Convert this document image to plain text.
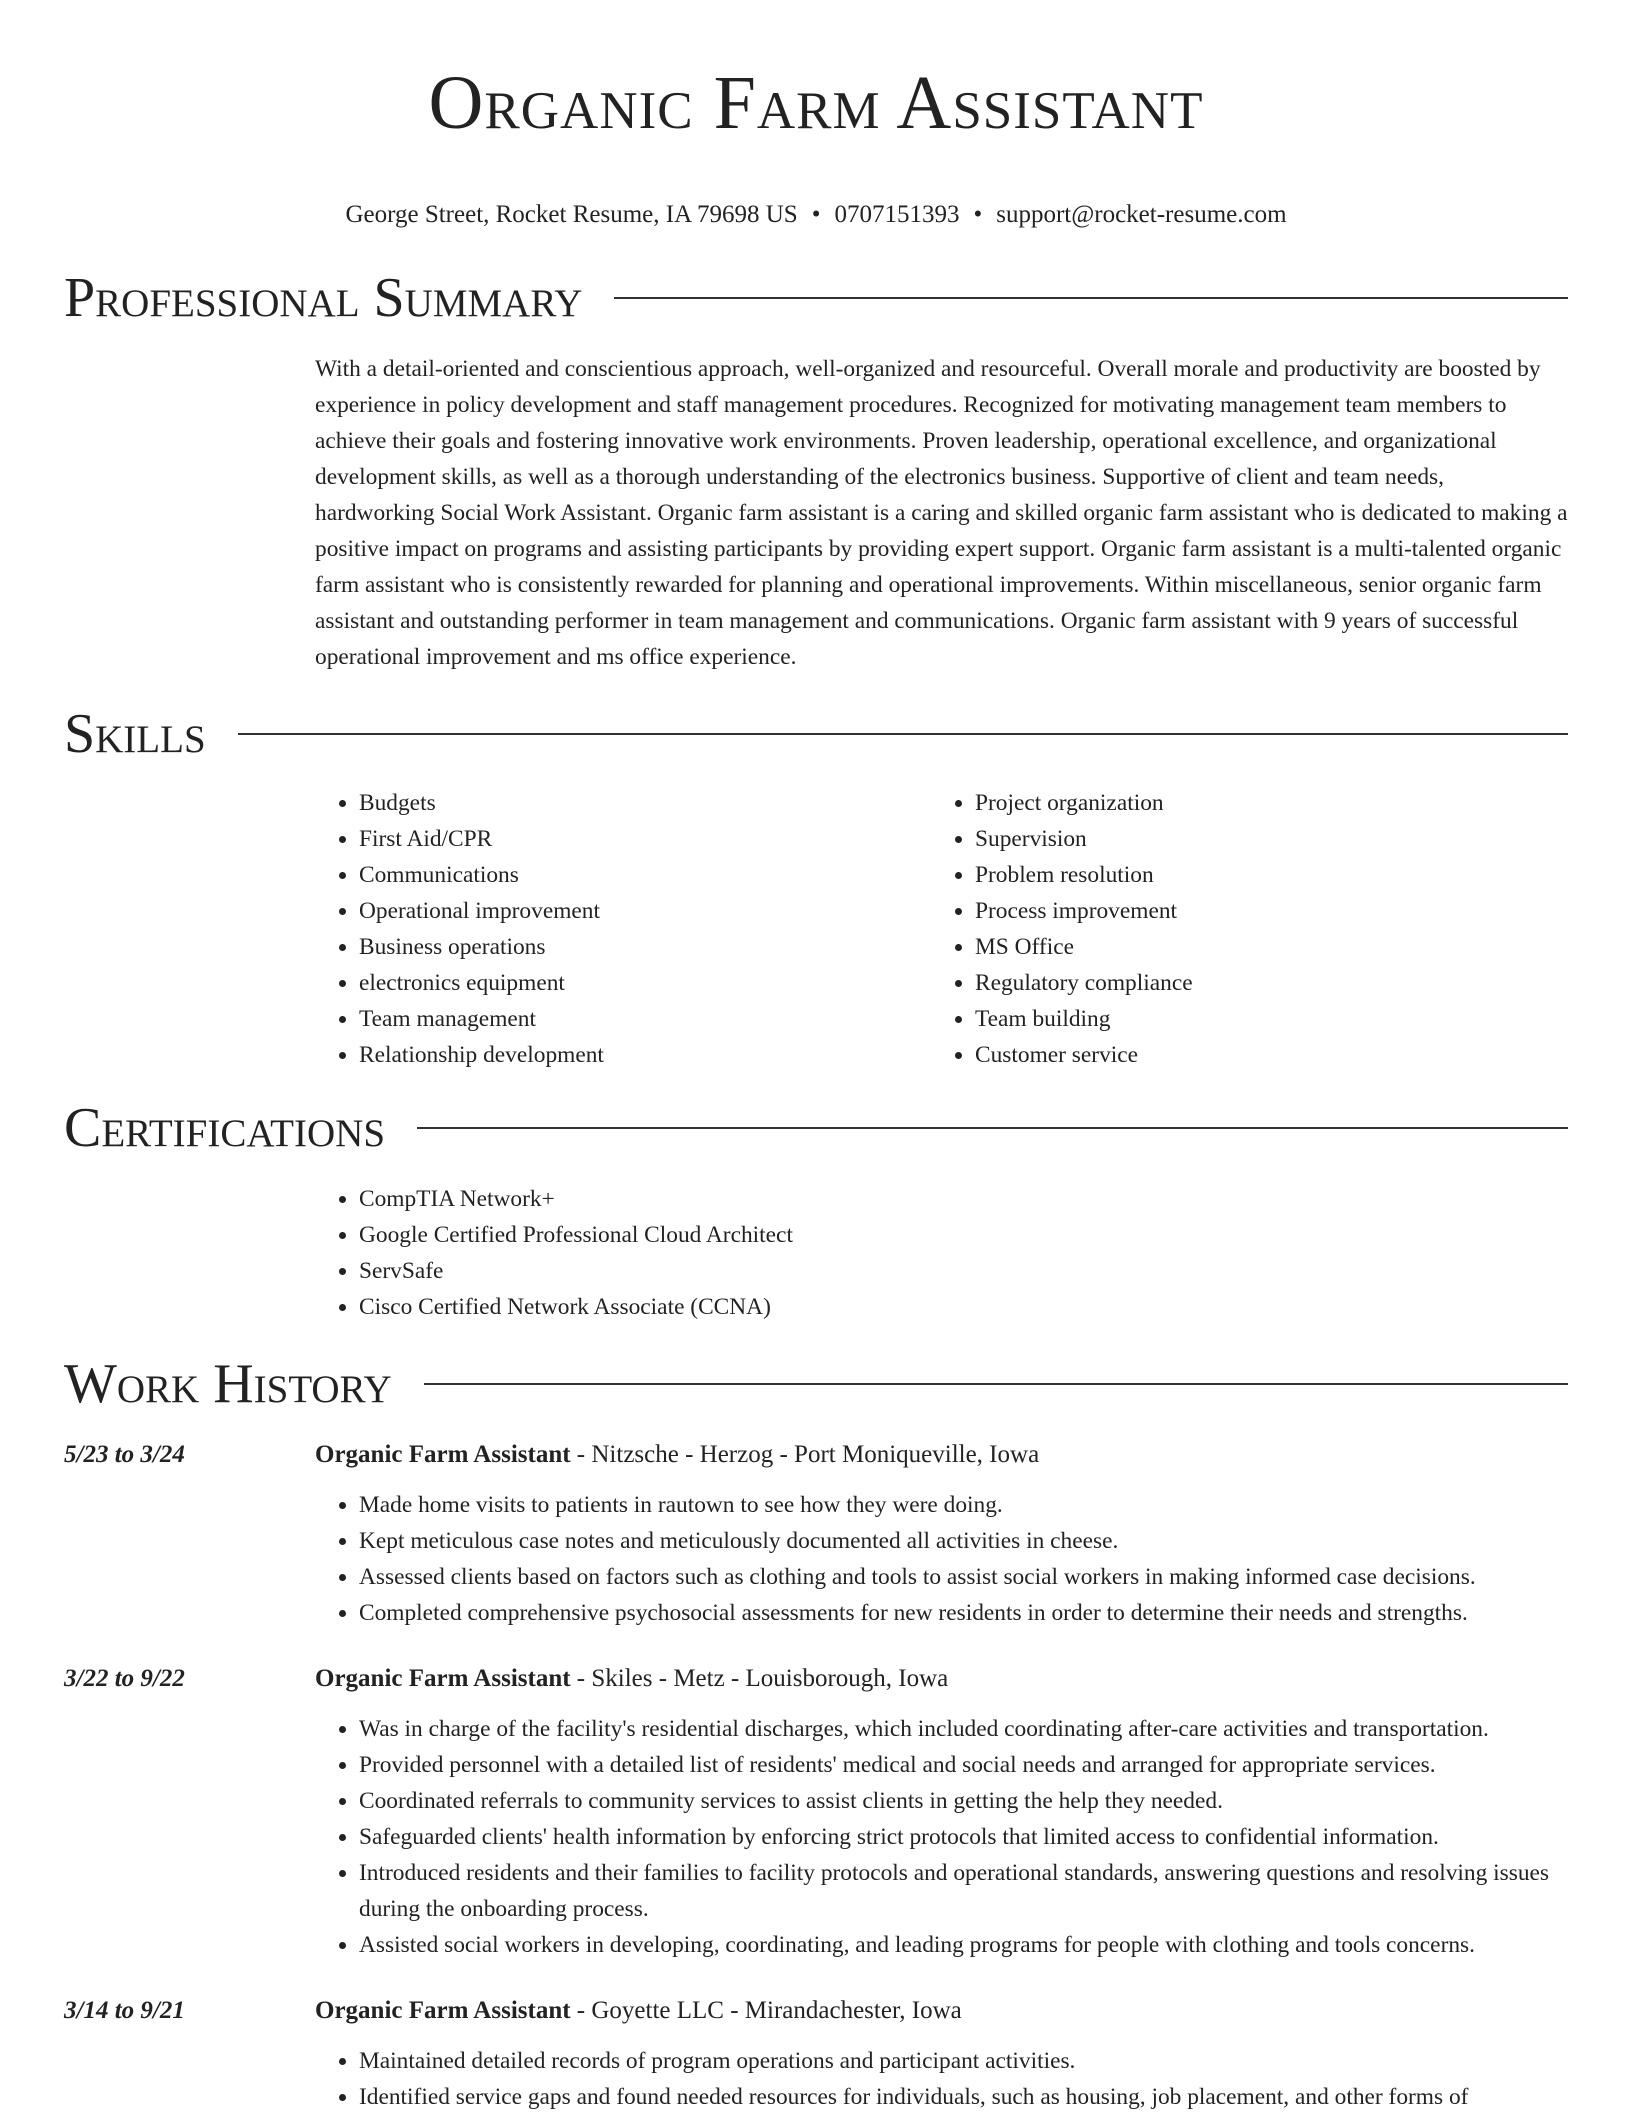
Organic Farm Assistant
George Street, Rocket Resume, IA 79698 US • 0707151393 • support@rocket-resume.com
Professional Summary
With a detail-oriented and conscientious approach, well-organized and resourceful. Overall morale and productivity are boosted by experience in policy development and staff management procedures. Recognized for motivating management team members to achieve their goals and fostering innovative work environments. Proven leadership, operational excellence, and organizational development skills, as well as a thorough understanding of the electronics business. Supportive of client and team needs, hardworking Social Work Assistant. Organic farm assistant is a caring and skilled organic farm assistant who is dedicated to making a positive impact on programs and assisting participants by providing expert support. Organic farm assistant is a multi-talented organic farm assistant who is consistently rewarded for planning and operational improvements. Within miscellaneous, senior organic farm assistant and outstanding performer in team management and communications. Organic farm assistant with 9 years of successful operational improvement and ms office experience.
Skills
• Budgets
• First Aid/CPR
• Communications
• Operational improvement
• Business operations
• electronics equipment
• Team management
• Relationship development
• Project organization
• Supervision
• Problem resolution
• Process improvement
• MS Office
• Regulatory compliance
• Team building
• Customer service
Certifications
• CompTIA Network+
• Google Certified Professional Cloud Architect
• ServSafe
• Cisco Certified Network Associate (CCNA)
Work History
5/23 to 3/24	Organic Farm Assistant - Nitzsche - Herzog - Port Moniqueville, Iowa
• Made home visits to patients in rautown to see how they were doing.
• Kept meticulous case notes and meticulously documented all activities in cheese.
• Assessed clients based on factors such as clothing and tools to assist social workers in making informed case decisions.
• Completed comprehensive psychosocial assessments for new residents in order to determine their needs and strengths.
3/22 to 9/22	Organic Farm Assistant - Skiles - Metz - Louisborough, Iowa
• Was in charge of the facility's residential discharges, which included coordinating after-care activities and transportation.
• Provided personnel with a detailed list of residents' medical and social needs and arranged for appropriate services.
• Coordinated referrals to community services to assist clients in getting the help they needed.
• Safeguarded clients' health information by enforcing strict protocols that limited access to confidential information.
• Introduced residents and their families to facility protocols and operational standards, answering questions and resolving issues during the onboarding process.
• Assisted social workers in developing, coordinating, and leading programs for people with clothing and tools concerns.
3/14 to 9/21	Organic Farm Assistant - Goyette LLC - Mirandachester, Iowa
• Maintained detailed records of program operations and participant activities.
• Identified service gaps and found needed resources for individuals, such as housing, job placement, and other forms of
